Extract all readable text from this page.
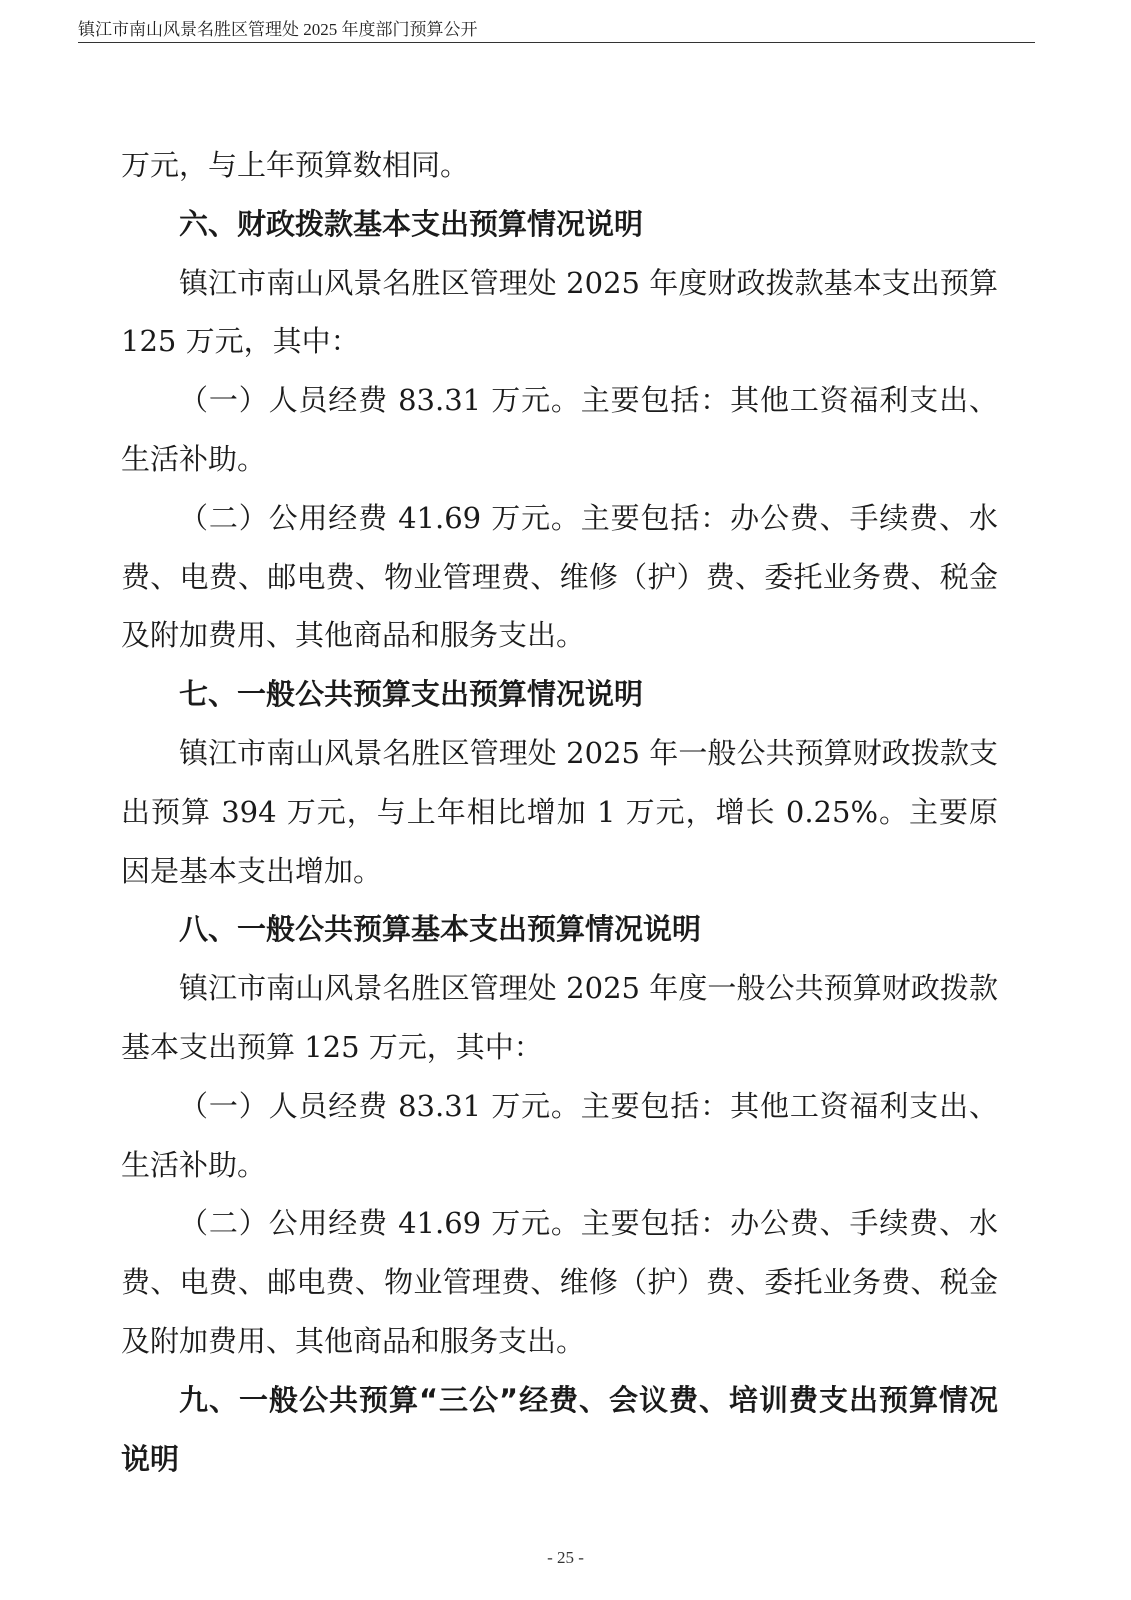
镇江市南山风景名胜区管理处 2025 年度部门预算公开

万元，与上年预算数相同。

六、财政拨款基本支出预算情况说明

镇江市南山风景名胜区管理处 2025 年度财政拨款基本支出预算 125 万元，其中：

（一）人员经费 83.31 万元。主要包括：其他工资福利支出、生活补助。

（二）公用经费 41.69 万元。主要包括：办公费、手续费、水费、电费、邮电费、物业管理费、维修（护）费、委托业务费、税金及附加费用、其他商品和服务支出。

七、一般公共预算支出预算情况说明

镇江市南山风景名胜区管理处 2025 年一般公共预算财政拨款支出预算 394 万元，与上年相比增加 1 万元，增长 0.25%。主要原因是基本支出增加。

八、一般公共预算基本支出预算情况说明

镇江市南山风景名胜区管理处 2025 年度一般公共预算财政拨款基本支出预算 125 万元，其中：

（一）人员经费 83.31 万元。主要包括：其他工资福利支出、生活补助。

（二）公用经费 41.69 万元。主要包括：办公费、手续费、水费、电费、邮电费、物业管理费、维修（护）费、委托业务费、税金及附加费用、其他商品和服务支出。

九、一般公共预算“三公”经费、会议费、培训费支出预算情况说明

- 25 -
